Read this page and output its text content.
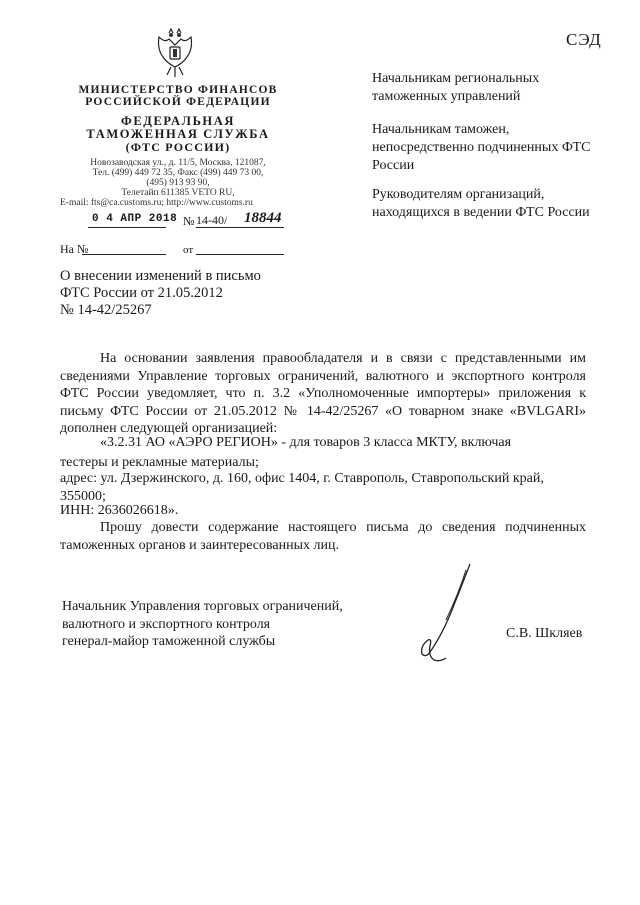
СЭД
МИНИСТЕРСТВО ФИНАНСОВ
РОССИЙСКОЙ ФЕДЕРАЦИИ
ФЕДЕРАЛЬНАЯ
ТАМОЖЕННАЯ СЛУЖБА
(ФТС РОССИИ)
Новозаводская ул., д. 11/5, Москва, 121087,
Тел. (499) 449 72 35, Факс (499) 449 73 00,
(495) 913 93 90,
Телетайп 611385 VETO RU,
E-mail: fts@ca.customs.ru; http://www.customs.ru
0 4 АПР 2018 № 14-40/ 18844
На №	от
Начальникам региональных таможенных управлений
Начальникам таможен, непосредственно подчиненных ФТС России
Руководителям организаций, находящихся в ведении ФТС России
О внесении изменений в письмо
ФТС России от 21.05.2012
№ 14-42/25267
На основании заявления правообладателя и в связи с представленными им сведениями Управление торговых ограничений, валютного и экспортного контроля ФТС России уведомляет, что п. 3.2 «Уполномоченные импортеры» приложения к письму ФТС России от 21.05.2012 № 14-42/25267 «О товарном знаке «BVLGARI» дополнен следующей организацией:
«3.2.31 АО «АЭРО РЕГИОН» - для товаров 3 класса МКТУ, включая
тестеры и рекламные материалы;
адрес: ул. Дзержинского, д. 160, офис 1404, г. Ставрополь, Ставропольский край, 355000;
ИНН: 2636026618».
Прошу довести содержание настоящего письма до сведения подчиненных таможенных органов и заинтересованных лиц.
Начальник Управления торговых ограничений,
валютного и экспортного контроля
генерал-майор таможенной службы
С.В. Шкляев
